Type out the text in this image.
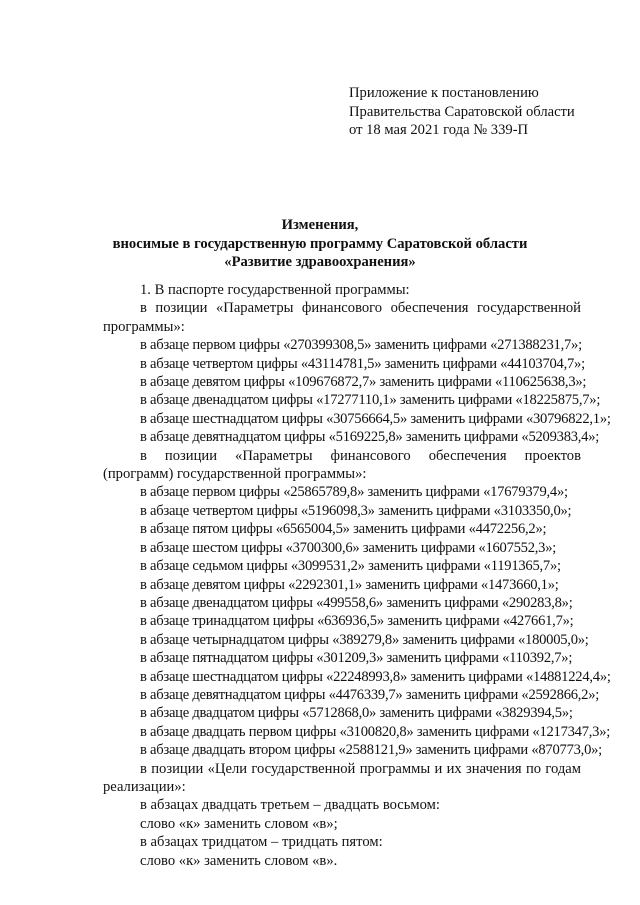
Приложение к постановлению
Правительства Саратовской области
от 18 мая 2021 года № 339-П
Изменения,
вносимые в государственную программу Саратовской области
«Развитие здравоохранения»
1. В паспорте государственной программы:
в позиции «Параметры финансового обеспечения государственной программы»:
в абзаце первом цифры «270399308,5» заменить цифрами «271388231,7»;
в абзаце четвертом цифры «43114781,5» заменить цифрами «44103704,7»;
в абзаце девятом цифры «109676872,7» заменить цифрами «110625638,3»;
в абзаце двенадцатом цифры «17277110,1» заменить цифрами «18225875,7»;
в абзаце шестнадцатом цифры «30756664,5» заменить цифрами «30796822,1»;
в абзаце девятнадцатом цифры «5169225,8» заменить цифрами «5209383,4»;
в позиции «Параметры финансового обеспечения проектов (программ) государственной программы»:
в абзаце первом цифры «25865789,8» заменить цифрами «17679379,4»;
в абзаце четвертом цифры «5196098,3» заменить цифрами «3103350,0»;
в абзаце пятом цифры «6565004,5» заменить цифрами «4472256,2»;
в абзаце шестом цифры «3700300,6» заменить цифрами «1607552,3»;
в абзаце седьмом цифры «3099531,2» заменить цифрами «1191365,7»;
в абзаце девятом цифры «2292301,1» заменить цифрами «1473660,1»;
в абзаце двенадцатом цифры «499558,6» заменить цифрами «290283,8»;
в абзаце тринадцатом цифры «636936,5» заменить цифрами «427661,7»;
в абзаце четырнадцатом цифры «389279,8» заменить цифрами «180005,0»;
в абзаце пятнадцатом цифры «301209,3» заменить цифрами «110392,7»;
в абзаце шестнадцатом цифры «22248993,8» заменить цифрами «14881224,4»;
в абзаце девятнадцатом цифры «4476339,7» заменить цифрами «2592866,2»;
в абзаце двадцатом цифры «5712868,0» заменить цифрами «3829394,5»;
в абзаце двадцать первом цифры «3100820,8» заменить цифрами «1217347,3»;
в абзаце двадцать втором цифры «2588121,9» заменить цифрами «870773,0»;
в позиции «Цели государственной программы и их значения по годам реализации»:
в абзацах двадцать третьем – двадцать восьмом:
слово «к» заменить словом «в»;
в абзацах тридцатом – тридцать пятом:
слово «к» заменить словом «в».
